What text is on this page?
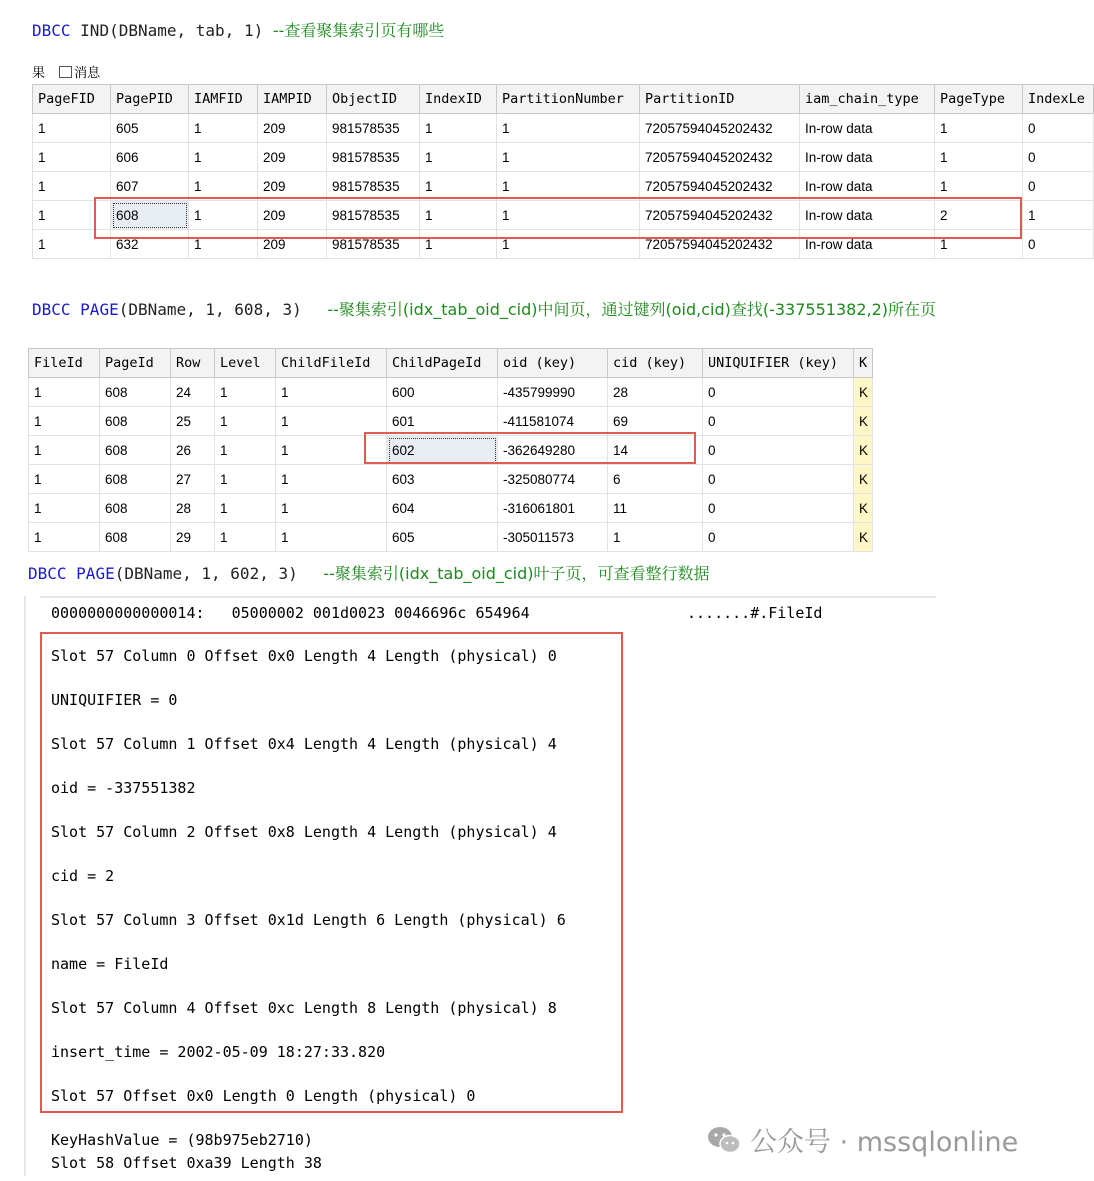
DBCC IND(DBName, tab, 1) --查看聚集索引页有哪些
果 消息
PageFID	PagePID	IAMFID	IAMPID	ObjectID	IndexID	PartitionNumber	PartitionID	iam_chain_type	PageType	IndexLe
1	605	1	209	981578535	1	1	72057594045202432	In-row data	1	0
1	606	1	209	981578535	1	1	72057594045202432	In-row data	1	0
1	607	1	209	981578535	1	1	72057594045202432	In-row data	1	0
1	608	1	209	981578535	1	1	72057594045202432	In-row data	2	1
1	632	1	209	981578535	1	1	72057594045202432	In-row data	1	0
DBCC PAGE(DBName, 1, 608, 3) --聚集索引(idx_tab_oid_cid)中间页，通过键列(oid,cid)查找(-337551382,2)所在页
FileId	PageId	Row	Level	ChildFileId	ChildPageId	oid (key)	cid (key)	UNIQUIFIER (key)	K
1	608	24	1	1	600	-435799990	28	0	K
1	608	25	1	1	601	-411581074	69	0	K
1	608	26	1	1	602	-362649280	14	0	K
1	608	27	1	1	603	-325080774	6	0	K
1	608	28	1	1	604	-316061801	11	0	K
1	608	29	1	1	605	-305011573	1	0	K
DBCC PAGE(DBName, 1, 602, 3) --聚集索引(idx_tab_oid_cid)叶子页，可查看整行数据
0000000000000014: 05000002 001d0023 0046696c 654964	.......#.FileId
Slot 57 Column 0 Offset 0x0 Length 4 Length (physical) 0
UNIQUIFIER = 0
Slot 57 Column 1 Offset 0x4 Length 4 Length (physical) 4
oid = -337551382
Slot 57 Column 2 Offset 0x8 Length 4 Length (physical) 4
cid = 2
Slot 57 Column 3 Offset 0x1d Length 6 Length (physical) 6
name = FileId
Slot 57 Column 4 Offset 0xc Length 8 Length (physical) 8
insert_time = 2002-05-09 18:27:33.820
Slot 57 Offset 0x0 Length 0 Length (physical) 0
KeyHashValue = (98b975eb2710)
Slot 58 Offset 0xa39 Length 38
公众号 · mssqlonline
